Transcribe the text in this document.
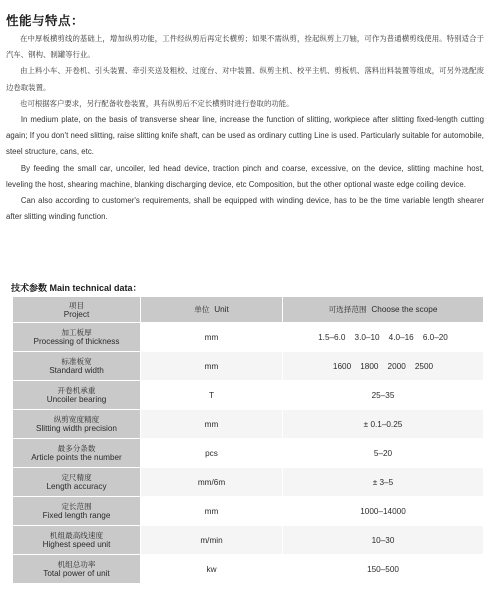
性能与特点：

在中厚板横剪线的基础上，增加纵剪功能，工件经纵剪后再定长横剪；如果不需纵剪，拴起纵剪上刀轴，可作为普通横剪线使用。特别适合于汽车、钢构、制罐等行业。

由上料小车、开卷机、引头装置、牵引夹送及粗校、过度台、对中装置、纵剪主机、校平主机、剪板机、落料出料装置等组成，可另外选配废边卷取装置。

也可根据客户要求，另行配备收卷装置，具有纵剪后不定长横剪时进行卷取的功能。

In medium plate, on the basis of transverse shear line, increase the function of slitting, workpiece after slitting fixed-length cutting again; If you don't need slitting, raise slitting knife shaft, can be used as ordinary cutting Line is used. Particularly suitable for automobile, steel structure, cans, etc.

By feeding the small car, uncoiler, led head device, traction pinch and coarse, excessive, on the device, slitting machine host, leveling the host, shearing machine, blanking discharging device, etc Composition, but the other optional waste edge coiling device.

Can also according to customer's requirements, shall be equipped with winding device, has to be the time variable length shearer after slitting winding function.

技术参数 Main technical data：
项目
Project	单位 Unit	可选择范围 Choose the scope

加工板厚
Processing of thickness	mm	1.5–6.0    3.0–10    4.0–16    6.0–20

标准板宽
Standard width	mm	1600    1800    2000    2500

开卷机承重
Uncoiler bearing	T	25–35

纵剪宽度精度
Slitting width precision	mm	± 0.1–0.25

最多分条数
Article points the number	pcs	5–20

定尺精度
Length accuracy	mm/6m	± 3–5

定长范围
Fixed length range	mm	1000–14000

机组最高线速度
Highest speed unit	m/min	10–30

机组总功率
Total power of unit	kw	150–500
